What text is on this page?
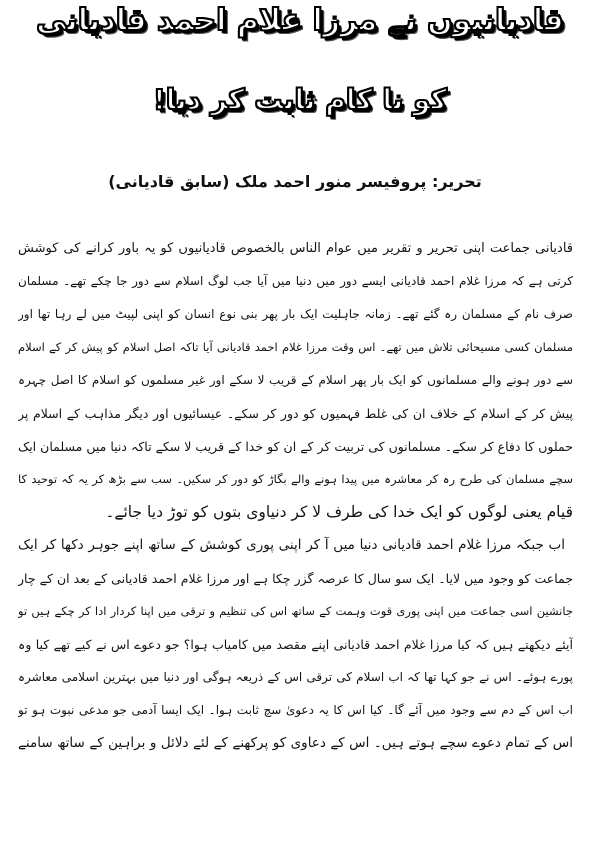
قادیانیوں نے مرزا غلام احمد قادیانی
کو نا کام ثابت کر دیا!
تحریر: پروفیسر منور احمد ملک (سابق قادیانی)
قادیانی جماعت اپنی تحریر و تقریر میں عوام الناس بالخصوص قادیانیوں کو یہ باور کرانے کی کوشش
کرتی ہے کہ مرزا غلام احمد قادیانی ایسے دور میں دنیا میں آیا جب لوگ اسلام سے دور جا چکے تھے۔ مسلمان
صرف نام کے مسلمان رہ گئے تھے۔ زمانہ جاہلیت ایک بار پھر بنی نوع انسان کو اپنی لپیٹ میں لے رہا تھا اور
مسلمان کسی مسیحائی تلاش میں تھے۔ اس وقت مرزا غلام احمد قادیانی آیا تاکہ اصل اسلام کو پیش کر کے اسلام
سے دور ہونے والے مسلمانوں کو ایک بار پھر اسلام کے قریب لا سکے اور غیر مسلموں کو اسلام کا اصل چہرہ
پیش کر کے اسلام کے خلاف ان کی غلط فہمیوں کو دور کر سکے۔ عیسائیوں اور دیگر مذاہب کے اسلام پر
حملوں کا دفاع کر سکے۔ مسلمانوں کی تربیت کر کے ان کو خدا کے قریب لا سکے تاکہ دنیا میں مسلمان ایک
سچے مسلمان کی طرح رہ کر معاشرہ میں پیدا ہونے والے بگاڑ کو دور کر سکیں۔ سب سے بڑھ کر یہ کہ توحید کا
قیام یعنی لوگوں کو ایک خدا کی طرف لا کر دنیاوی بتوں کو توڑ دیا جائے۔
اب جبکہ مرزا غلام احمد قادیانی دنیا میں آ کر اپنی پوری کوشش کے ساتھ اپنے جوہر دکھا کر ایک
جماعت کو وجود میں لایا۔ ایک سو سال کا عرصہ گزر چکا ہے اور مرزا غلام احمد قادیانی کے بعد ان کے چار
جانشین اسی جماعت میں اپنی پوری قوت وہمت کے ساتھ اس کی تنظیم و ترقی میں اپنا کردار ادا کر چکے ہیں تو
آیئے دیکھتے ہیں کہ کیا مرزا غلام احمد قادیانی اپنے مقصد میں کامیاب ہوا؟ جو دعوے اس نے کیے تھے کیا وہ
پورے ہوئے۔ اس نے جو کہا تھا کہ اب اسلام کی ترقی اس کے ذریعہ ہوگی اور دنیا میں بہترین اسلامی معاشرہ
اب اس کے دم سے وجود میں آئے گا۔ کیا اس کا یہ دعویٰ سچ ثابت ہوا۔ ایک ایسا آدمی جو مدعی نبوت ہو تو
اس کے تمام دعوے سچے ہوتے ہیں۔ اس کے دعاوی کو پرکھنے کے لئے دلائل و براہین کے ساتھ سامنے
